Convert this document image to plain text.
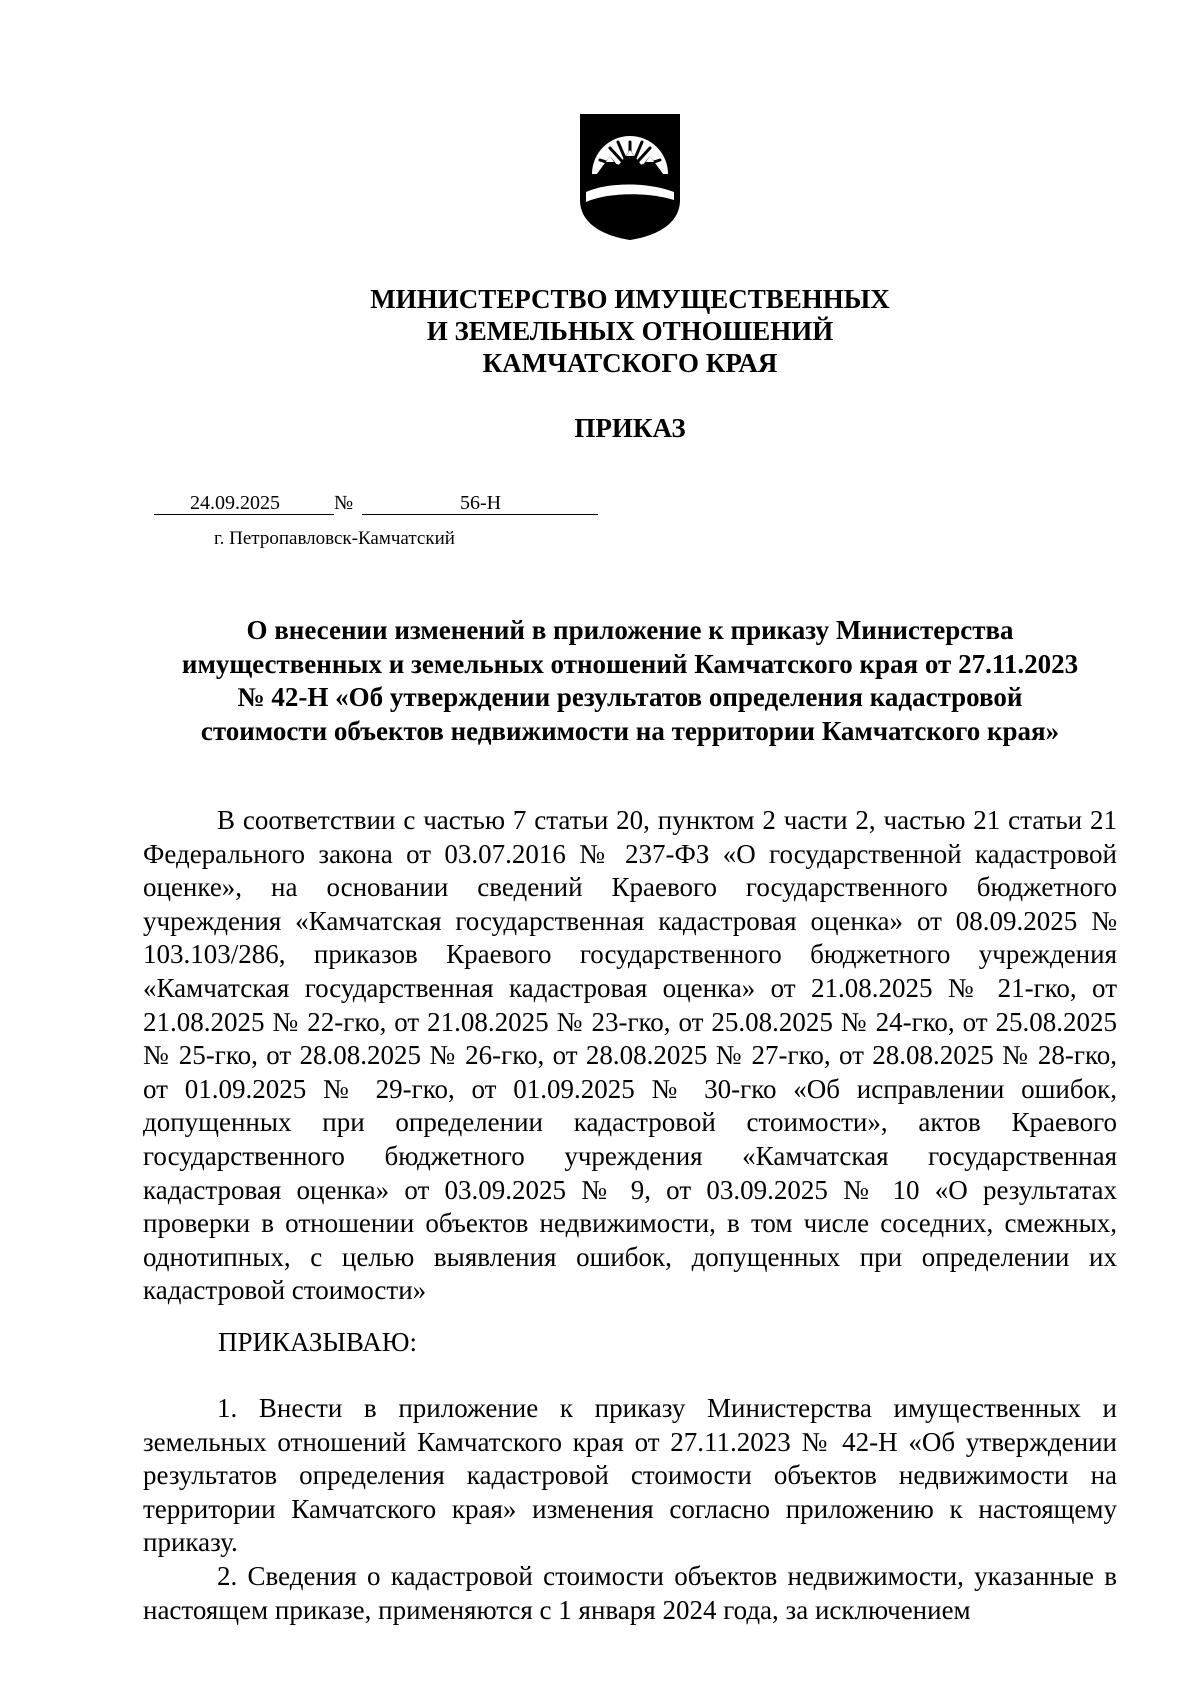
МИНИСТЕРСТВО ИМУЩЕСТВЕННЫХ
И ЗЕМЕЛЬНЫХ ОТНОШЕНИЙ
КАМЧАТСКОГО КРАЯ
ПРИКАЗ
24.09.2025	№	56-Н
г. Петропавловск-Камчатский
О внесении изменений в приложение к приказу Министерства
имущественных и земельных отношений Камчатского края от 27.11.2023
№ 42-Н «Об утверждении результатов определения кадастровой
стоимости объектов недвижимости на территории Камчатского края»

В соответствии с частью 7 статьи 20, пунктом 2 части 2, частью 21 статьи 21 Федерального закона от 03.07.2016 № 237-ФЗ «О государственной кадастровой оценке», на основании сведений Краевого государственного бюджетного учреждения «Камчатская государственная кадастровая оценка» от 08.09.2025 № 103.103/286, приказов Краевого государственного бюджетного учреждения «Камчатская государственная кадастровая оценка» от 21.08.2025 № 21-гко, от 21.08.2025 № 22-гко, от 21.08.2025 № 23-гко, от 25.08.2025 № 24-гко, от 25.08.2025 № 25-гко, от 28.08.2025 № 26-гко, от 28.08.2025 № 27-гко, от 28.08.2025 № 28-гко, от 01.09.2025 № 29-гко, от 01.09.2025 № 30-гко «Об исправлении ошибок, допущенных при определении кадастровой стоимости», актов Краевого государственного бюджетного учреждения «Камчатская государственная кадастровая оценка» от 03.09.2025 № 9, от 03.09.2025 № 10 «О результатах проверки в отношении объектов недвижимости, в том числе соседних, смежных, однотипных, с целью выявления ошибок, допущенных при определении их кадастровой стоимости»

ПРИКАЗЫВАЮ:

1. Внести в приложение к приказу Министерства имущественных и земельных отношений Камчатского края от 27.11.2023 № 42-Н «Об утверждении результатов определения кадастровой стоимости объектов недвижимости на территории Камчатского края» изменения согласно приложению к настоящему приказу.

2. Сведения о кадастровой стоимости объектов недвижимости, указанные в настоящем приказе, применяются с 1 января 2024 года, за исключением
